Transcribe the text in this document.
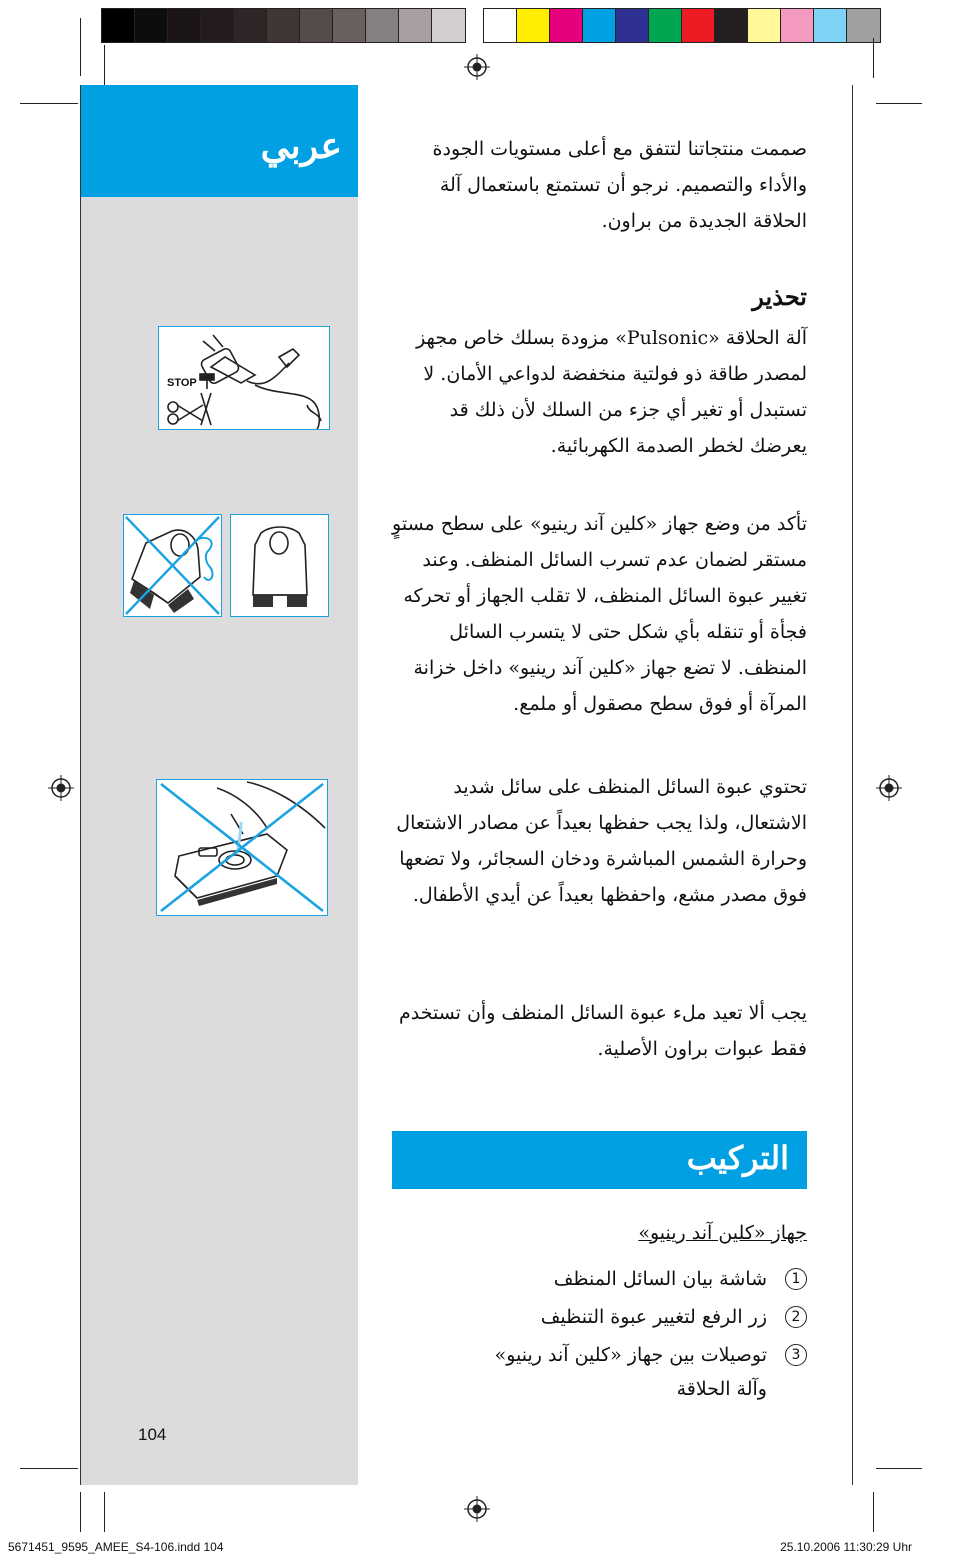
عربي

STOP

صممت منتجاتنا لتتفق مع أعلى مستويات الجودة والأداء والتصميم. نرجو أن تستمتع باستعمال آلة الحلاقة الجديدة من براون.

تحذير

آلة الحلاقة «Pulsonic» مزودة بسلك خاص مجهز لمصدر طاقة ذو فولتية منخفضة لدواعي الأمان. لا تستبدل أو تغير أي جزء من السلك لأن ذلك قد يعرضك لخطر الصدمة الكهربائية.

تأكد من وضع جهاز «كلين آند رينيو» على سطح مستوٍ مستقر لضمان عدم تسرب السائل المنظف. وعند تغيير عبوة السائل المنظف، لا تقلب الجهاز أو تحركه فجأة أو تنقله بأي شكل حتى لا يتسرب السائل المنظف. لا تضع جهاز «كلين آند رينيو» داخل خزانة المرآة أو فوق سطح مصقول أو ملمع.

تحتوي عبوة السائل المنظف على سائل شديد الاشتعال، ولذا يجب حفظها بعيداً عن مصادر الاشتعال وحرارة الشمس المباشرة ودخان السجائر، ولا تضعها فوق مصدر مشع، واحفظها بعيداً عن أيدي الأطفال.

يجب ألا تعيد ملء عبوة السائل المنظف وأن تستخدم فقط عبوات براون الأصلية.

التركيب

جهاز «كلين آند رينيو»

1
شاشة بيان السائل المنظف
2
زر الرفع لتغيير عبوة التنظيف
3
توصيلات بين جهاز «كلين آند رينيو» وآلة الحلاقة

104

5671451_9595_AMEE_S4-106.indd 104	25.10.2006 11:30:29 Uhr
